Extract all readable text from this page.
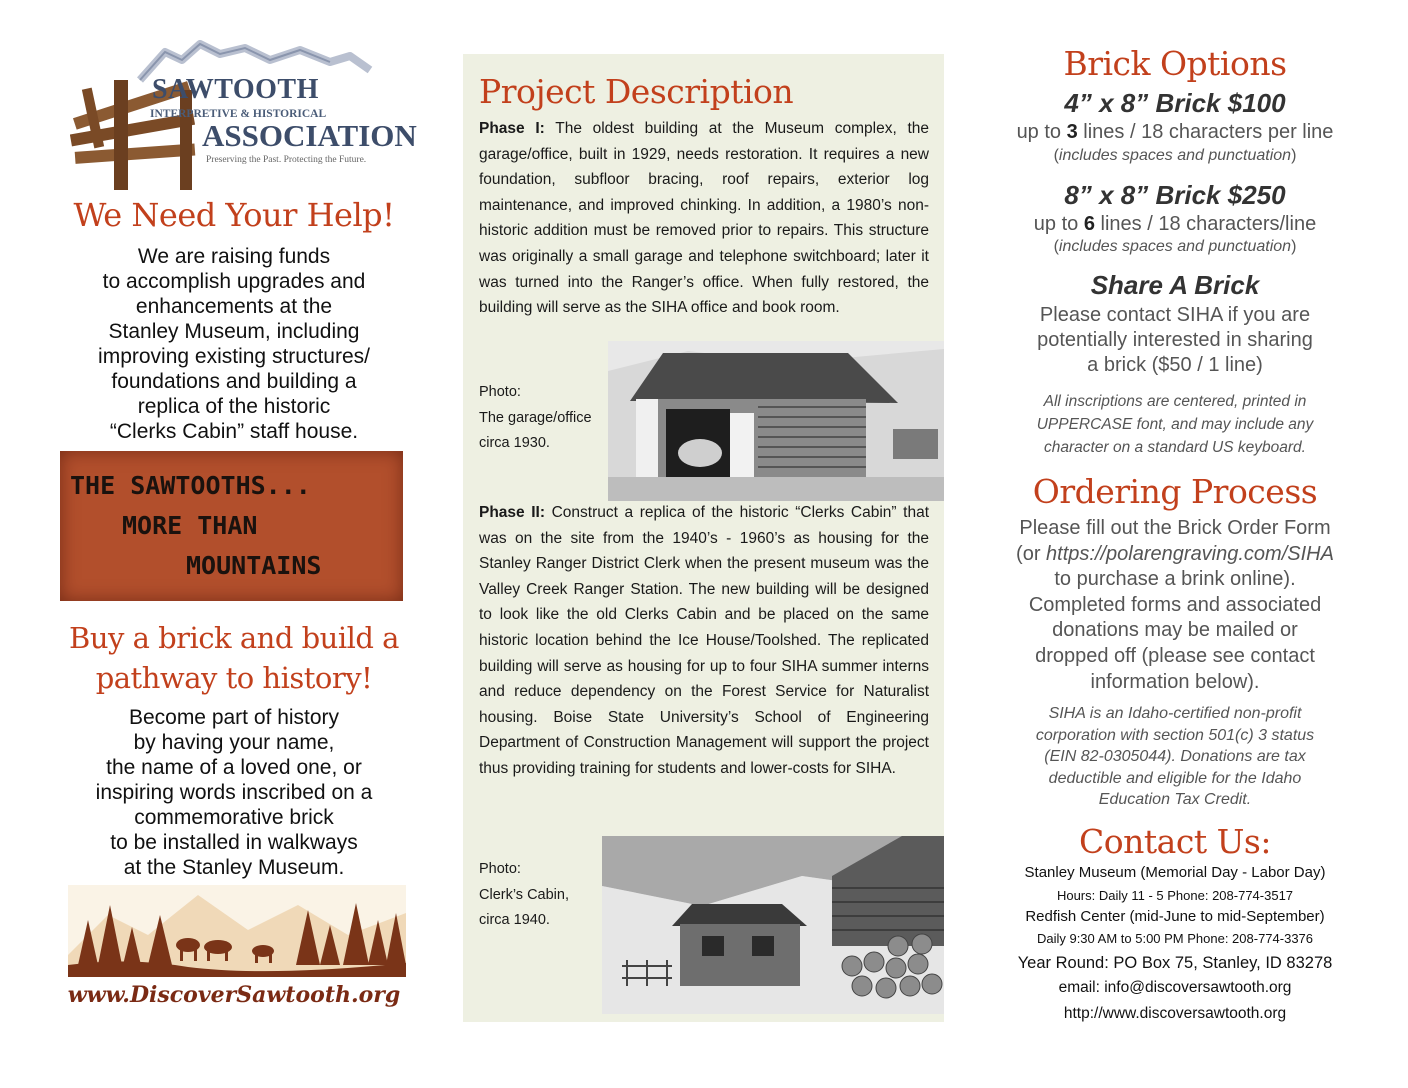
SAWTOOTH
INTERPRETIVE & HISTORICAL
ASSOCIATION
Preserving the Past. Protecting the Future.
We Need Your Help!
We are raising funds
to accomplish upgrades and
enhancements at the
Stanley Museum, including
improving existing structures/
foundations and building a
replica of the historic
“Clerks Cabin” staff house.
THE SAWTOOTHS...
MORE THAN
MOUNTAINS
Buy a brick and build a
pathway to history!
Become part of history
by having your name,
the name of a loved one, or
inspiring words inscribed on a
commemorative brick
to be installed in walkways
at the Stanley Museum.
www.DiscoverSawtooth.org
Project Description
Phase I: The oldest building at the Museum complex, the garage/office, built in 1929, needs restoration. It requires a new foundation, subfloor bracing, roof repairs, exterior log maintenance, and improved chinking. In addition, a 1980’s non-historic addition must be removed prior to repairs. This structure was originally a small garage and telephone switchboard; later it was turned into the Ranger’s office. When fully restored, the building will serve as the SIHA office and book room.
Photo:
The garage/office
circa 1930.
Phase II: Construct a replica of the historic “Clerks Cabin” that was on the site from the 1940’s - 1960’s as housing for the Stanley Ranger District Clerk when the present museum was the Valley Creek Ranger Station. The new building will be designed to look like the old Clerks Cabin and be placed on the same historic location behind the Ice House/Toolshed. The replicated building will serve as housing for up to four SIHA summer interns and reduce dependency on the Forest Service for Naturalist housing. Boise State University’s School of Engineering Department of Construction Management will support the project thus providing training for students and lower-costs for SIHA.
Photo:
Clerk’s Cabin,
circa 1940.
Brick Options
4” x 8” Brick $100
up to 3 lines / 18 characters per line
(includes spaces and punctuation)
8” x 8” Brick $250
up to 6 lines / 18 characters/line
(includes spaces and punctuation)
Share A Brick
Please contact SIHA if you are
potentially interested in sharing
a brick ($50 / 1 line)
All inscriptions are centered, printed in
UPPERCASE font, and may include any
character on a standard US keyboard.
Ordering Process
Please fill out the Brick Order Form
(or https://polarengraving.com/SIHA
to purchase a brink online).
Completed forms and associated
donations may be mailed or
dropped off (please see contact
information below).
SIHA is an Idaho-certified non-profit
corporation with section 501(c) 3 status
(EIN 82-0305044). Donations are tax
deductible and eligible for the Idaho
Education Tax Credit.
Contact Us:
Stanley Museum (Memorial Day - Labor Day)
Hours: Daily 11 - 5 Phone: 208-774-3517
Redfish Center (mid-June to mid-September)
Daily 9:30 AM to 5:00 PM Phone: 208-774-3376
Year Round: PO Box 75, Stanley, ID 83278
email: info@discoversawtooth.org
http://www.discoversawtooth.org
